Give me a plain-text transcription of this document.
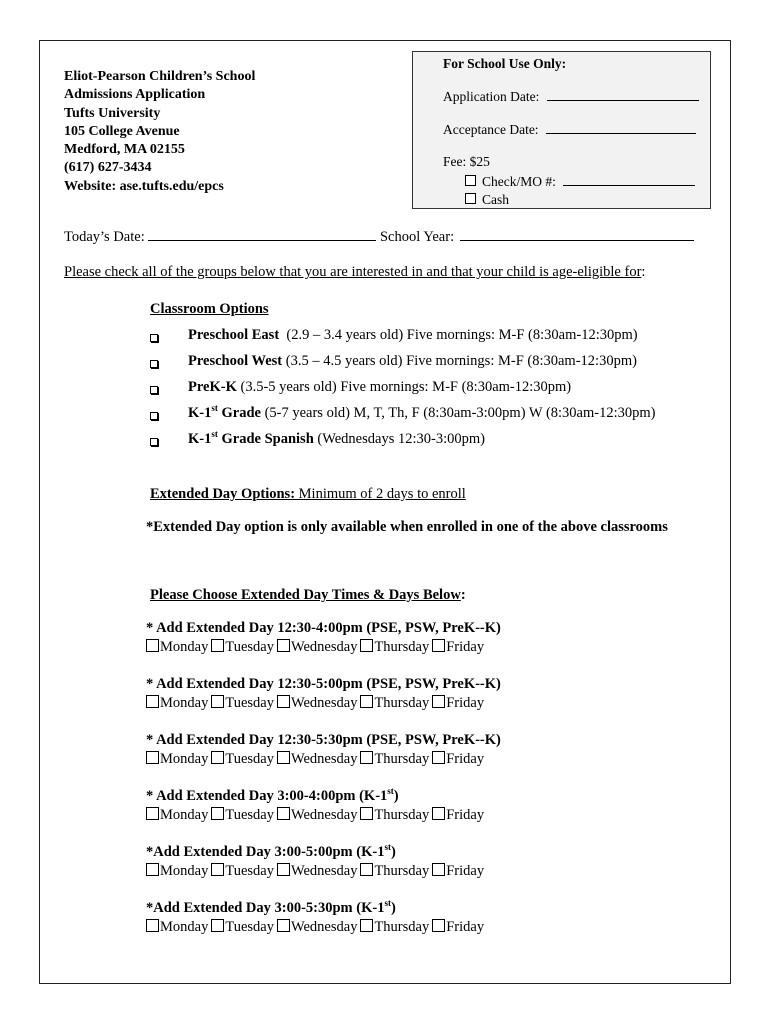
Eliot-Pearson Children’s School
Admissions Application
Tufts University
105 College Avenue
Medford, MA 02155
(617) 627-3434
Website: ase.tufts.edu/epcs
For School Use Only:
Application Date:
Acceptance Date:
Fee: $25
Check/MO #:
Cash
Today’s Date:	School Year:
Please check all of the groups below that you are interested in and that your child is age-eligible for:
Classroom Options
Preschool East  (2.9 – 3.4 years old) Five mornings: M-F (8:30am-12:30pm)
Preschool West (3.5 – 4.5 years old) Five mornings: M-F (8:30am-12:30pm)
PreK-K (3.5-5 years old) Five mornings: M-F (8:30am-12:30pm)
K-1st Grade (5-7 years old) M, T, Th, F (8:30am-3:00pm) W (8:30am-12:30pm)
K-1st Grade Spanish (Wednesdays 12:30-3:00pm)
Extended Day Options: Minimum of 2 days to enroll
*Extended Day option is only available when enrolled in one of the above classrooms
Please Choose Extended Day Times & Days Below:
* Add Extended Day 12:30-4:00pm (PSE, PSW, PreK--K)
Monday Tuesday Wednesday Thursday Friday
* Add Extended Day 12:30-5:00pm (PSE, PSW, PreK--K)
Monday Tuesday Wednesday Thursday Friday
* Add Extended Day 12:30-5:30pm (PSE, PSW, PreK--K)
Monday Tuesday Wednesday Thursday Friday
* Add Extended Day 3:00-4:00pm (K-1st)
Monday Tuesday Wednesday Thursday Friday
*Add Extended Day 3:00-5:00pm (K-1st)
Monday Tuesday Wednesday Thursday Friday
*Add Extended Day 3:00-5:30pm (K-1st)
Monday Tuesday Wednesday Thursday Friday
